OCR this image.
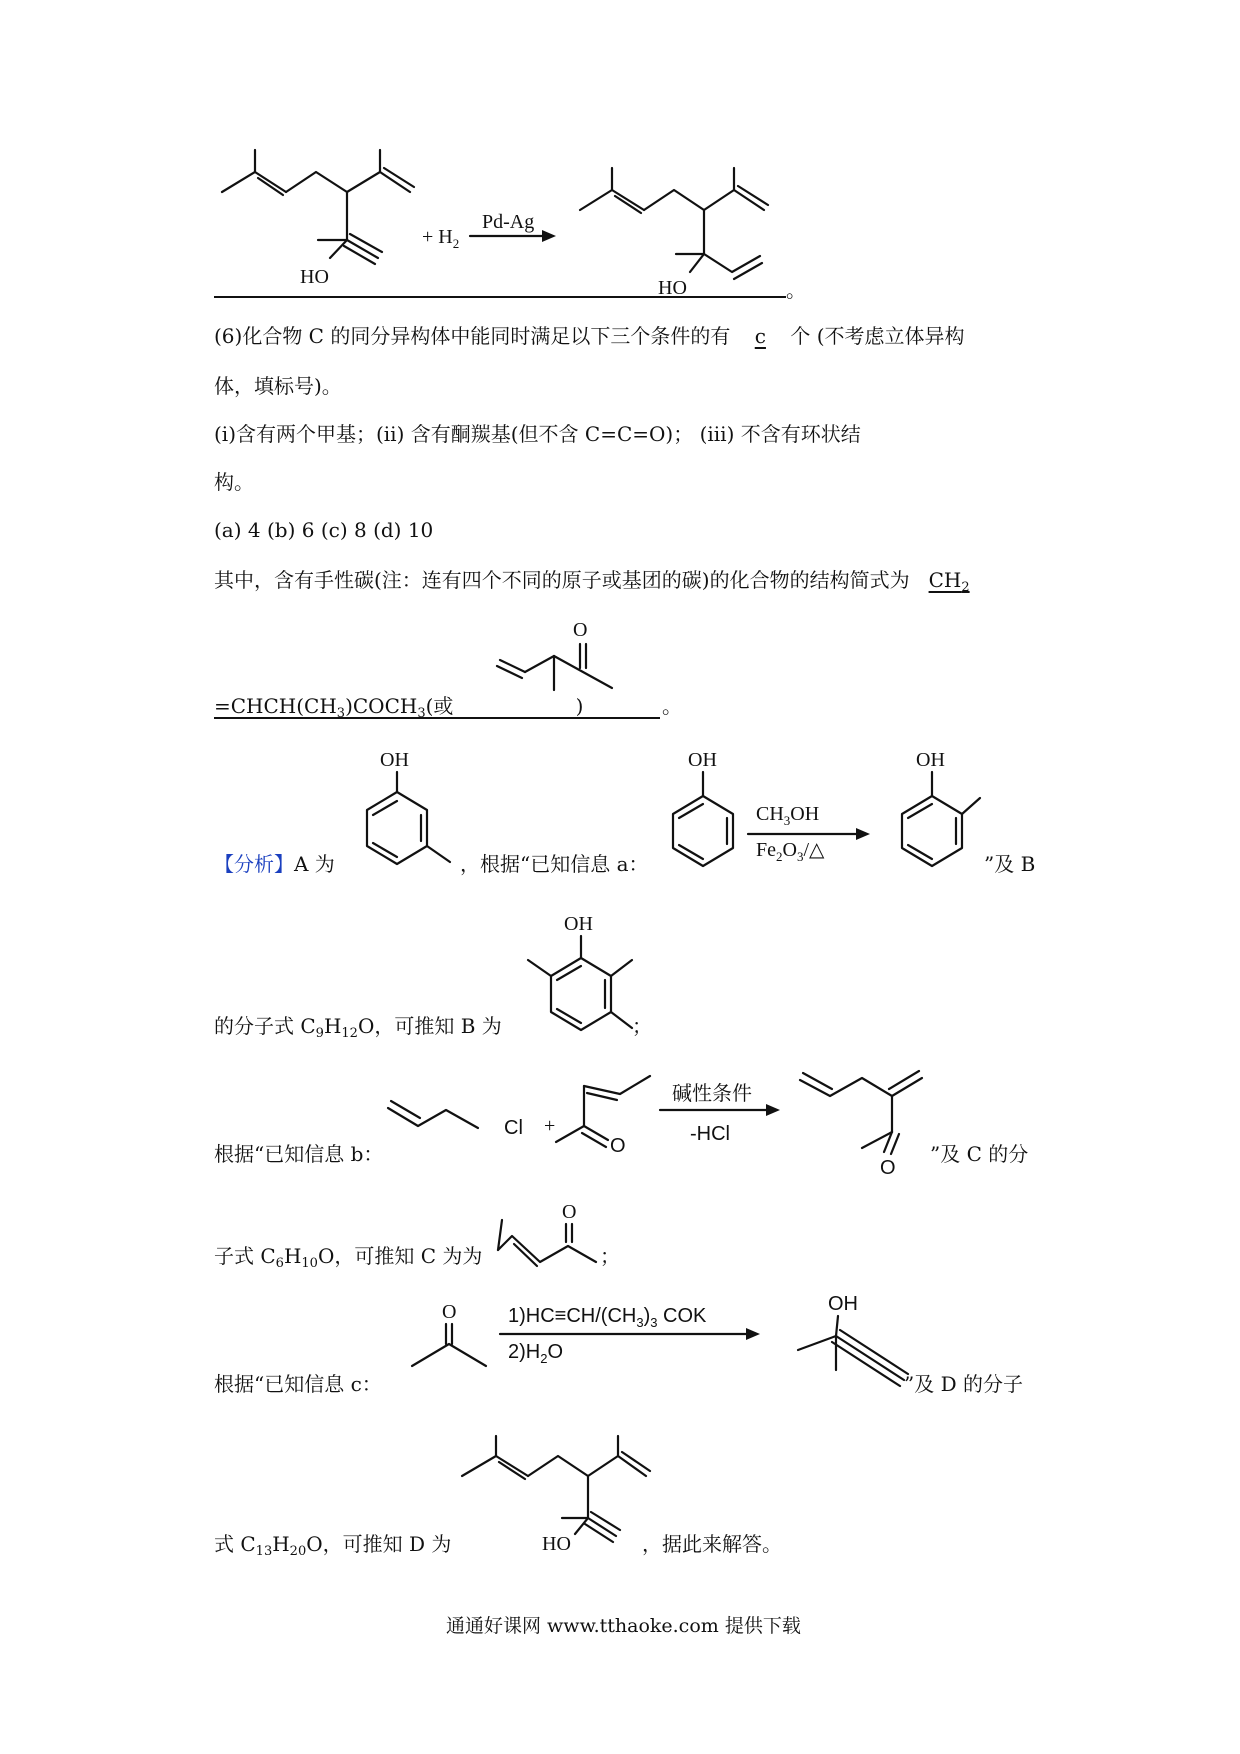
HO
+ $H_2$
Pd-Ag
HO	。
(6)化合物 C 的同分异构体中能同时满足以下三个条件的有 c 个 (不考虑立体异构
体，填标号)。
(ⅰ)含有两个甲基；(ⅱ) 含有酮羰基(但不含 C=C=O)； (ⅲ) 不含有环状结
构。
(a) 4 (b) 6 (c) 8 (d) 10
其中，含有手性碳(注：连有四个不同的原子或基团的碳)的化合物的结构简式为 $CH_2$
O
$=CHCH(CH_3)COCH_3$(或	)	。
【分析】A 为
OH	OH
$CH_3OH$
$Fe_2O_3/\triangle$
OH
，根据“已知信息 a：	”及 B
OH
的分子式 $C_9H_{12}O$，可推知 B 为	；
Cl +
O
碱性条件
-HCl
O
根据“已知信息 b：	”及 C 的分
O
子式 $C_6H_{10}O$，可推知 C 为为	；
O	$1)HC\equiv CH/(CH_3)_3$ COK
$2)H_2O$
OH
根据“已知信息 c：	”及 D 的分子
HO
式 $C_{13}H_{20}O$，可推知 D 为	，据此来解答。
通通好课网 www.tthaoke.com 提供下载
